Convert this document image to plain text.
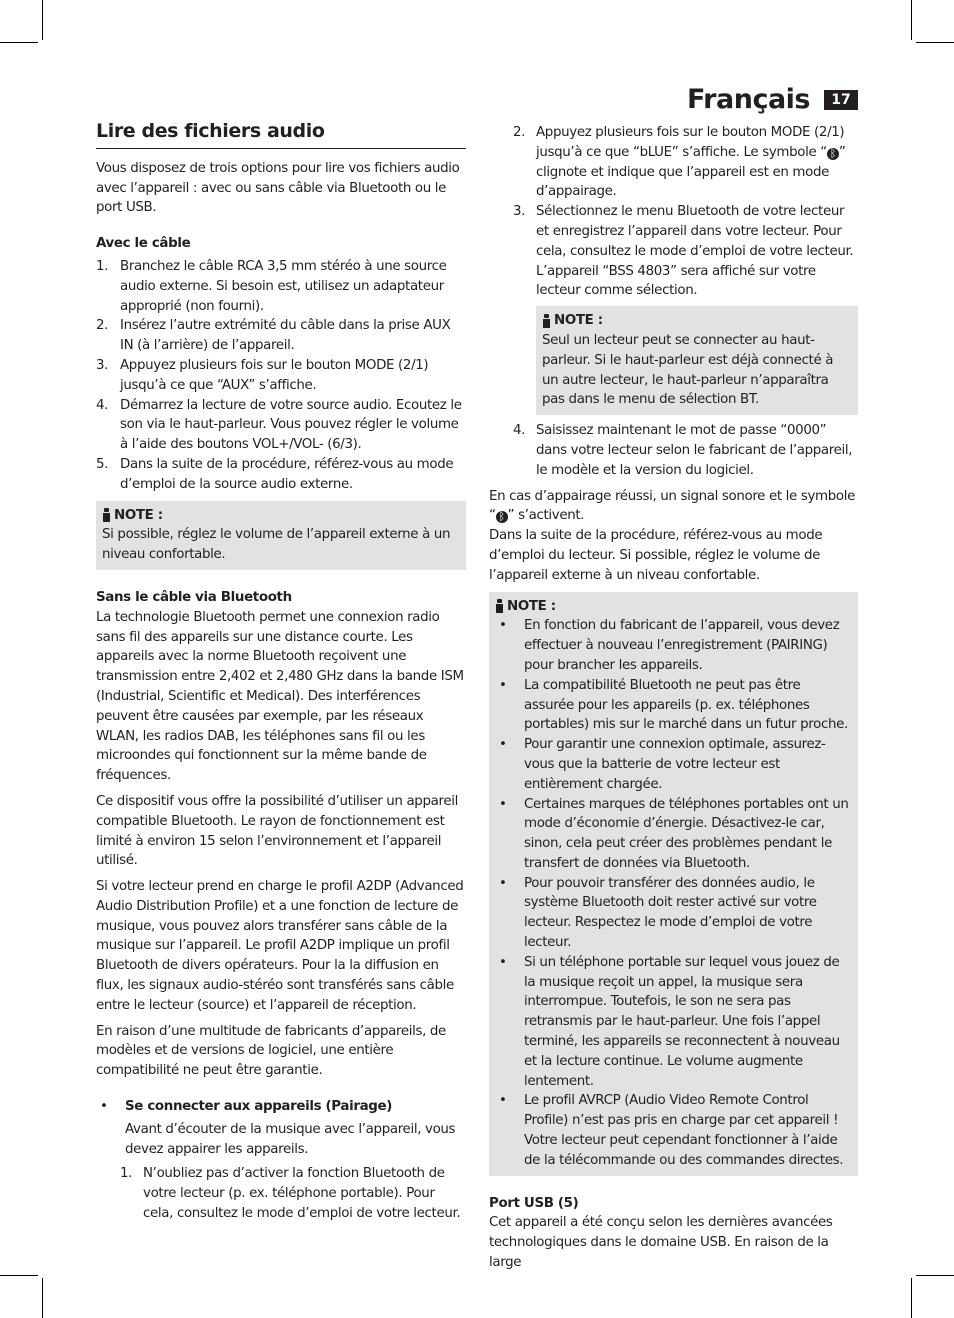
Français	17
Lire des fichiers audio

Vous disposez de trois options pour lire vos fichiers audio avec l’appareil : avec ou sans câble via Bluetooth ou le port USB.

Avec le câble

1. Branchez le câble RCA 3,5 mm stéréo à une source audio externe. Si besoin est, utilisez un adaptateur approprié (non fourni).
2. Insérez l’autre extrémité du câble dans la prise AUX IN (à l’arrière) de l’appareil.
3. Appuyez plusieurs fois sur le bouton MODE (2/1) jusqu’à ce que “AUX” s’affiche.
4. Démarrez la lecture de votre source audio. Ecoutez le son via le haut-parleur. Vous pouvez régler le volume à l’aide des boutons VOL+/VOL- (6/3).
5. Dans la suite de la procédure, référez-vous au mode d’emploi de la source audio externe.
NOTE :
Si possible, réglez le volume de l’appareil externe à un niveau confortable.

Sans le câble via Bluetooth

La technologie Bluetooth permet une connexion radio sans fil des appareils sur une distance courte. Les appareils avec la norme Bluetooth reçoivent une transmission entre 2,402 et 2,480 GHz dans la bande ISM (Industrial, Scientific et Medical). Des interférences peuvent être causées par exemple, par les réseaux WLAN, les radios DAB, les téléphones sans fil ou les microondes qui fonctionnent sur la même bande de fréquences.

Ce dispositif vous offre la possibilité d’utiliser un appareil compatible Bluetooth. Le rayon de fonctionnement est limité à environ 15 selon l’environnement et l’appareil utilisé.

Si votre lecteur prend en charge le profil A2DP (Advanced Audio Distribution Profile) et a une fonction de lecture de musique, vous pouvez alors transférer sans câble de la musique sur l’appareil. Le profil A2DP implique un profil Bluetooth de divers opérateurs. Pour la la diffusion en flux, les signaux audio-stéréo sont transférés sans câble entre le lecteur (source) et l’appareil de réception.

En raison d’une multitude de fabricants d’appareils, de modèles et de versions de logiciel, une entière compatibilité ne peut être garantie.

• Se connecter aux appareils (Pairage)
Avant d’écouter de la musique avec l’appareil, vous devez appairer les appareils.
1. N’oubliez pas d’activer la fonction Bluetooth de votre lecteur (p. ex. téléphone portable). Pour cela, consultez le mode d’emploi de votre lecteur.
2. Appuyez plusieurs fois sur le bouton MODE (2/1) jusqu’à ce que “bLUE” s’affiche. Le symbole “ ᛒ ” clignote et indique que l’appareil est en mode d’appairage.
3. Sélectionnez le menu Bluetooth de votre lecteur et enregistrez l’appareil dans votre lecteur. Pour cela, consultez le mode d’emploi de votre lecteur. L’appareil “BSS 4803” sera affiché sur votre lecteur comme sélection.
NOTE :
Seul un lecteur peut se connecter au haut-parleur. Si le haut-parleur est déjà connecté à un autre lecteur, le haut-parleur n’apparaîtra pas dans le menu de sélection BT.
4. Saisissez maintenant le mot de passe “0000” dans votre lecteur selon le fabricant de l’appareil, le modèle et la version du logiciel.
En cas d’appairage réussi, un signal sonore et le symbole “ ᛒ ” s’activent.

Dans la suite de la procédure, référez-vous au mode d’emploi du lecteur. Si possible, réglez le volume de l’appareil externe à un niveau confortable.

NOTE :
• En fonction du fabricant de l’appareil, vous devez effectuer à nouveau l’enregistrement (PAIRING) pour brancher les appareils.
• La compatibilité Bluetooth ne peut pas être assurée pour les appareils (p. ex. téléphones portables) mis sur le marché dans un futur proche.
• Pour garantir une connexion optimale, assurez-vous que la batterie de votre lecteur est entièrement chargée.
• Certaines marques de téléphones portables ont un mode d’économie d’énergie. Désactivez-le car, sinon, cela peut créer des problèmes pendant le transfert de données via Bluetooth.
• Pour pouvoir transférer des données audio, le système Bluetooth doit rester activé sur votre lecteur. Respectez le mode d’emploi de votre lecteur.
• Si un téléphone portable sur lequel vous jouez de la musique reçoit un appel, la musique sera interrompue. Toutefois, le son ne sera pas retransmis par le haut-parleur. Une fois l’appel terminé, les appareils se reconnectent à nouveau et la lecture continue. Le volume augmente lentement.
• Le profil AVRCP (Audio Video Remote Control Profile) n’est pas pris en charge par cet appareil ! Votre lecteur peut cependant fonctionner à l’aide de la télécommande ou des commandes directes.

Port USB (5)

Cet appareil a été conçu selon les dernières avancées technologiques dans le domaine USB. En raison de la large
